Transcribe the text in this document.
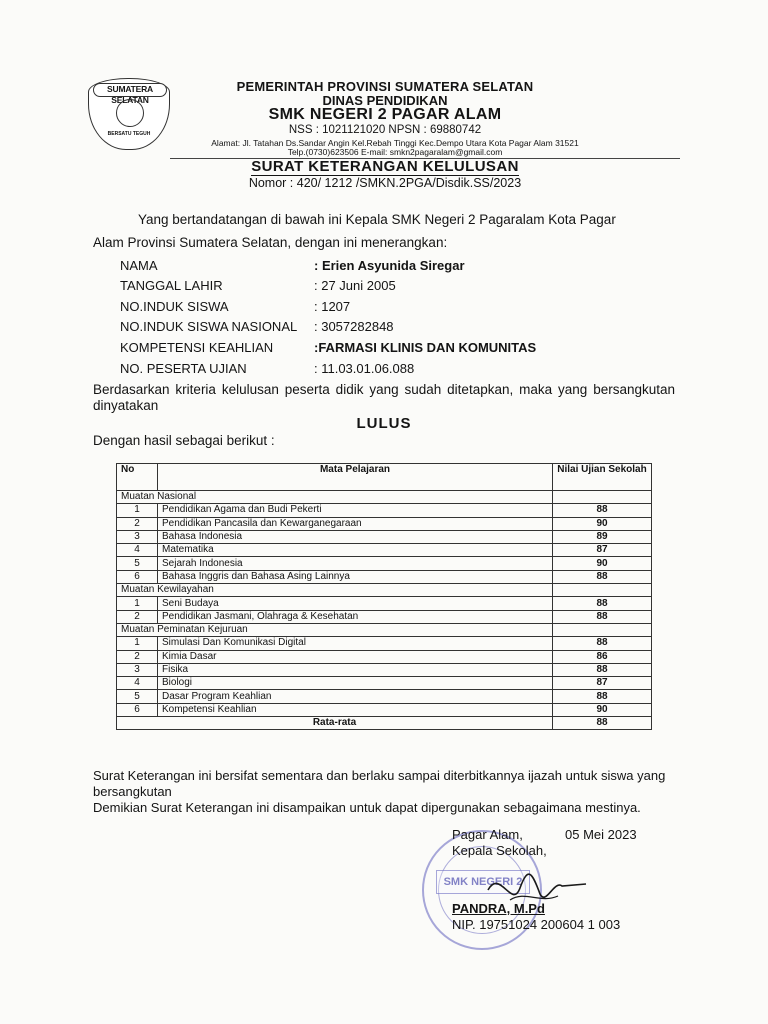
SUMATERA SELATAN
BERSATU TEGUH
PEMERINTAH PROVINSI SUMATERA SELATAN
DINAS PENDIDIKAN
SMK NEGERI 2 PAGAR ALAM
NSS : 1021121020 NPSN : 69880742
Alamat: Jl. Tatahan Ds.Sandar Angin Kel.Rebah Tinggi Kec.Dempo Utara Kota Pagar Alam 31521
Telp.(0730)623506 E-mail: smkn2pagaralam@gmail.com
SURAT KETERANGAN KELULUSAN
Nomor : 420/ 1212 /SMKN.2PGA/Disdik.SS/2023
Yang bertandatangan di bawah ini Kepala SMK Negeri 2 Pagaralam Kota Pagar
Alam Provinsi Sumatera Selatan, dengan ini menerangkan:
NAMA	: Erien Asyunida Siregar
TANGGAL LAHIR	: 27 Juni 2005
NO.INDUK SISWA	: 1207
NO.INDUK SISWA NASIONAL : 3057282848
KOMPETENSI KEAHLIAN	:FARMASI KLINIS DAN KOMUNITAS
NO. PESERTA UJIAN	: 11.03.01.06.088
Berdasarkan kriteria kelulusan peserta didik yang sudah ditetapkan, maka yang bersangkutan dinyatakan
LULUS
Dengan hasil sebagai berikut :
No	Mata Pelajaran	Nilai Ujian Sekolah
Muatan Nasional		
1	Pendidikan Agama dan Budi Pekerti	88
2	Pendidikan Pancasila dan Kewarganegaraan	90
3	Bahasa Indonesia	89
4	Matematika	87
5	Sejarah Indonesia	90
6	Bahasa Inggris dan Bahasa Asing Lainnya	88
Muatan Kewilayahan		
1	Seni Budaya	88
2	Pendidikan Jasmani, Olahraga & Kesehatan	88
Muatan Peminatan Kejuruan		
1	Simulasi Dan Komunikasi Digital	88
2	Kimia Dasar	86
3	Fisika	88
4	Biologi	87
5	Dasar Program Keahlian	88
6	Kompetensi Keahlian	90
Rata-rata		88
Surat Keterangan ini bersifat sementara dan berlaku sampai diterbitkannya ijazah untuk siswa yang bersangkutan
Demikian Surat Keterangan ini disampaikan untuk dapat dipergunakan sebagaimana mestinya.
SMK NEGERI 2
Pagar Alam,	05 Mei 2023
Kepala Sekolah,
PANDRA, M.Pd
NIP. 19751024 200604 1 003
